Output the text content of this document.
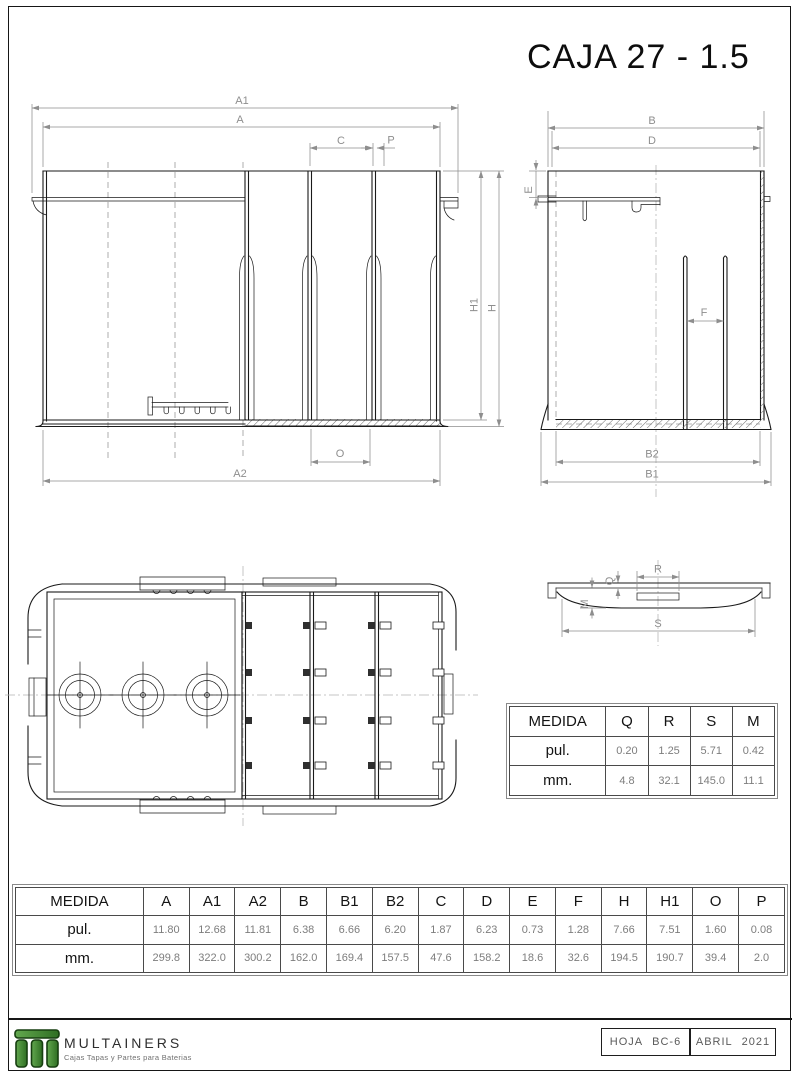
CAJA 27 - 1.5
A1
A
C	P
H1 H
O
A2
B
D
E
F
B2
B1
R
Q
M
S
MEDIDA	Q	R	S	M
pul.	0.20	1.25	5.71	0.42
mm.	4.8	32.1	145.0	11.1
MEDIDA	A	A1	A2	B	B1	B2	C	D	E	F	H	H1	O	P
pul.	11.80	12.68	11.81	6.38	6.66	6.20	1.87	6.23	0.73	1.28	7.66	7.51	1.60	0.08
mm.	299.8	322.0	300.2	162.0	169.4	157.5	47.6	158.2	18.6	32.6	194.5	190.7	39.4	2.0
MULTAINERS
Cajas Tapas y Partes para Baterias
HOJA BC-6 ABRIL 2021
